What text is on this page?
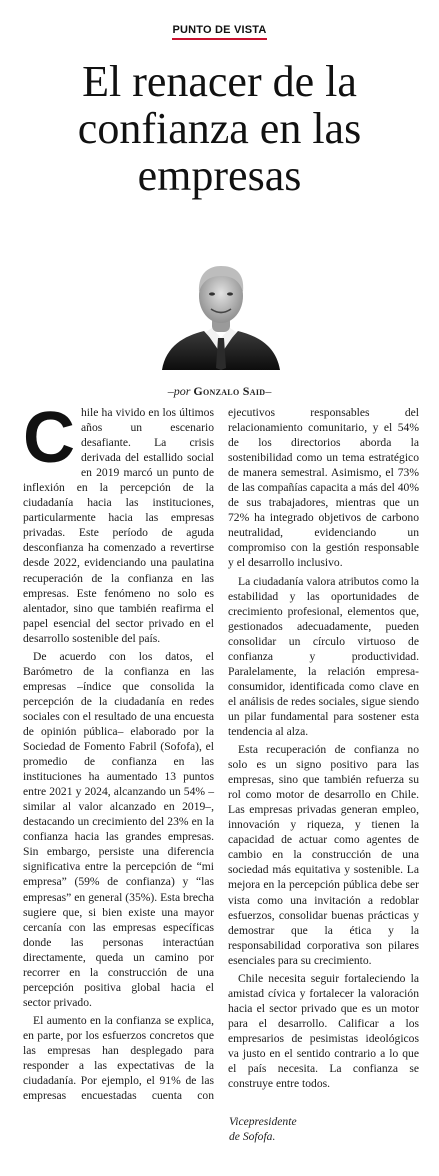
PUNTO DE VISTA
El renacer de la confianza en las empresas
–por Gonzalo Said–

Chile ha vivido en los últimos años un escenario desafiante. La crisis derivada del estallido social en 2019 marcó un punto de inflexión en la percepción de la ciudadanía hacia las instituciones, particularmente hacia las empresas privadas. Este período de aguda desconfianza ha comenzado a revertirse desde 2022, evidenciando una paulatina recuperación de la confianza en las empresas. Este fenómeno no solo es alentador, sino que también reafirma el papel esencial del sector privado en el desarrollo sostenible del país.

De acuerdo con los datos, el Barómetro de la confianza en las empresas –índice que consolida la percepción de la ciudadanía en redes sociales con el resultado de una encuesta de opinión pública– elaborado por la Sociedad de Fomento Fabril (Sofofa), el promedio de confianza en las instituciones ha aumentado 13 puntos entre 2021 y 2024, alcanzando un 54% –similar al valor alcanzado en 2019–, destacando un crecimiento del 23% en la confianza hacia las grandes empresas. Sin embargo, persiste una diferencia significativa entre la percepción de “mi empresa” (59% de confianza) y “las empresas” en general (35%). Esta brecha sugiere que, si bien existe una mayor cercanía con las empresas específicas donde las personas interactúan directamente, queda un camino por recorrer en la construcción de una percepción positiva global hacia el sector privado.

El aumento en la confianza se explica, en parte, por los esfuerzos concretos que las empresas han desplegado para responder a las expectativas de la ciudadanía. Por ejemplo, el 91% de las empresas encuestadas cuenta con ejecutivos responsables del relacionamiento comunitario, y el 54% de los directorios aborda la sostenibilidad como un tema estratégico de manera semestral. Asimismo, el 73% de las compañías capacita a más del 40% de sus trabajadores, mientras que un 72% ha integrado objetivos de carbono neutralidad, evidenciando un compromiso con la gestión responsable y el desarrollo inclusivo.

La ciudadanía valora atributos como la estabilidad y las oportunidades de crecimiento profesional, elementos que, gestionados adecuadamente, pueden consolidar un círculo virtuoso de confianza y productividad. Paralelamente, la relación empresa-consumidor, identificada como clave en el análisis de redes sociales, sigue siendo un pilar fundamental para sostener esta tendencia al alza.

Esta recuperación de confianza no solo es un signo positivo para las empresas, sino que también refuerza su rol como motor de desarrollo en Chile. Las empresas privadas generan empleo, innovación y riqueza, y tienen la capacidad de actuar como agentes de cambio en la construcción de una sociedad más equitativa y sostenible. La mejora en la percepción pública debe ser vista como una invitación a redoblar esfuerzos, consolidar buenas prácticas y demostrar que la ética y la responsabilidad corporativa son pilares esenciales para su crecimiento.

Chile necesita seguir fortaleciendo la amistad cívica y fortalecer la valoración hacia el sector privado que es un motor para el desarrollo. Calificar a los empresarios de pesimistas ideológicos va justo en el sentido contrario a lo que el país necesita. La confianza se construye entre todos.

Vicepresidente
de Sofofa.
